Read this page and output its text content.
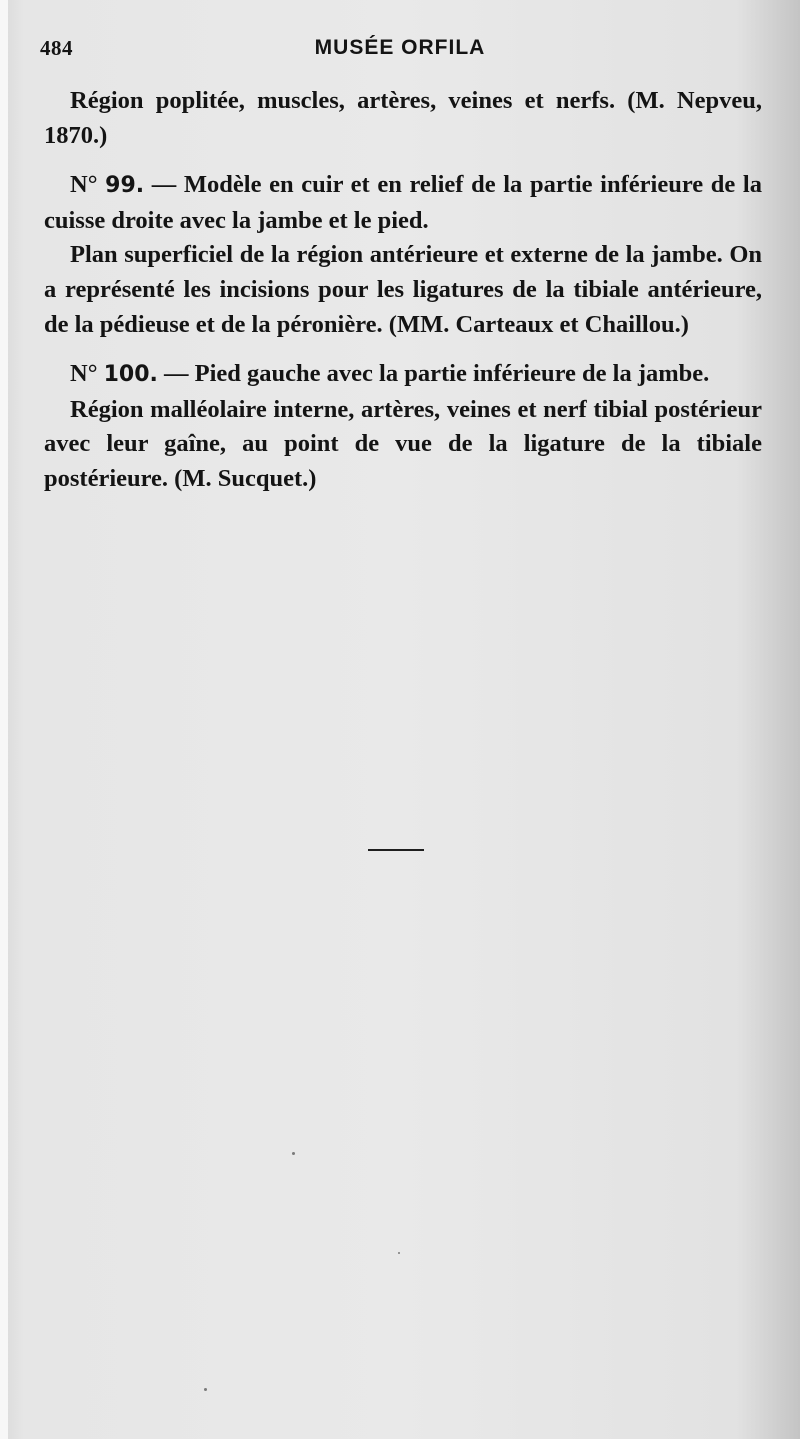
484	MUSÉE ORFILA

Région poplitée, muscles, artères, veines et nerfs. (M. Nepveu, 1870.)

N° 99. — Modèle en cuir et en relief de la partie inférieure de la cuisse droite avec la jambe et le pied.

Plan superficiel de la région antérieure et externe de la jambe. On a représenté les incisions pour les ligatures de la tibiale antérieure, de la pédieuse et de la péronière. (MM. Carteaux et Chaillou.)

N° 100. — Pied gauche avec la partie inférieure de la jambe.

Région malléolaire interne, artères, veines et nerf tibial postérieur avec leur gaîne, au point de vue de la ligature de la tibiale postérieure. (M. Sucquet.)
